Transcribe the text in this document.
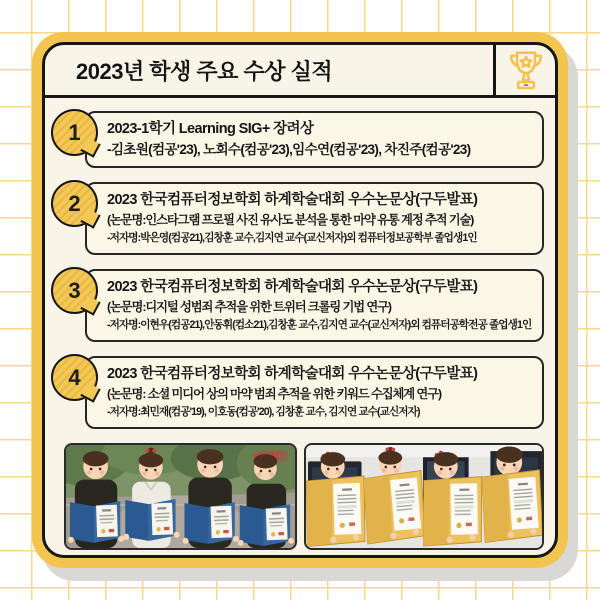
2023년 학생 주요 수상 실적
1 2023-1학기 Learning SIG+ 장려상
-김초원(컴공'23), 노회수(컴공'23),임수연(컴공'23), 차진주(컴공'23)
2 2023 한국컴퓨터정보학회 하계학술대회 우수논문상(구두발표)
(논문명:인스타그램 프로필 사진 유사도 분석을 통한 마약 유통 계정 추적 기술)
-저자명:박은영(컴공21),김창훈 교수,김지연 교수(교신저자)외 컴퓨터정보공학부 졸업생1인
3 2023 한국컴퓨터정보학회 하계학술대회 우수논문상(구두발표)
(논문명:디지털 성범죄 추적을 위한 트위터 크롤링 기법 연구)
-저자명:이현우(컴공21),안동휘(컴소21),김창훈 교수,김지연 교수(교신저자)외 컴퓨터공학전공 졸업생1인
4 2023 한국컴퓨터정보학회 하계학술대회 우수논문상(구두발표)
(논문명: 소셜 미디어 상의 마약 범죄 추적을 위한 키워드 수집체계 연구)
-저자명:최민재(컴공'19), 이호동(컴공'20), 김창훈 교수, 김지연 교수(교신저자)
